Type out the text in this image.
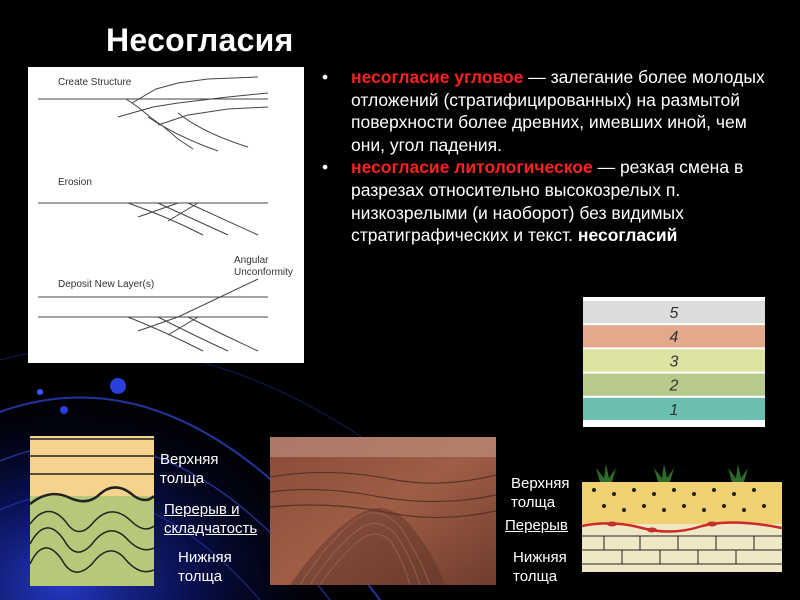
Несогласия

• несогласие угловое — залегание более молодых отложений (стратифицированных) на размытой поверхности более древних, имевших иной, чем они, угол падения.

• несогласие литологическое — резкая смена в разрезах относительно высокозрелых п. низкозрелыми (и наоборот) без видимых стратиграфических и текст. несогласий

Create Structure
Erosion
Deposit New Layer(s)
Angular
Unconformity
5
4
3
2
1
Верхняя
толща
Перерыв и
складчатость
Нижняя
толща
Верхняя
толща
Перерыв
Нижняя
толща
